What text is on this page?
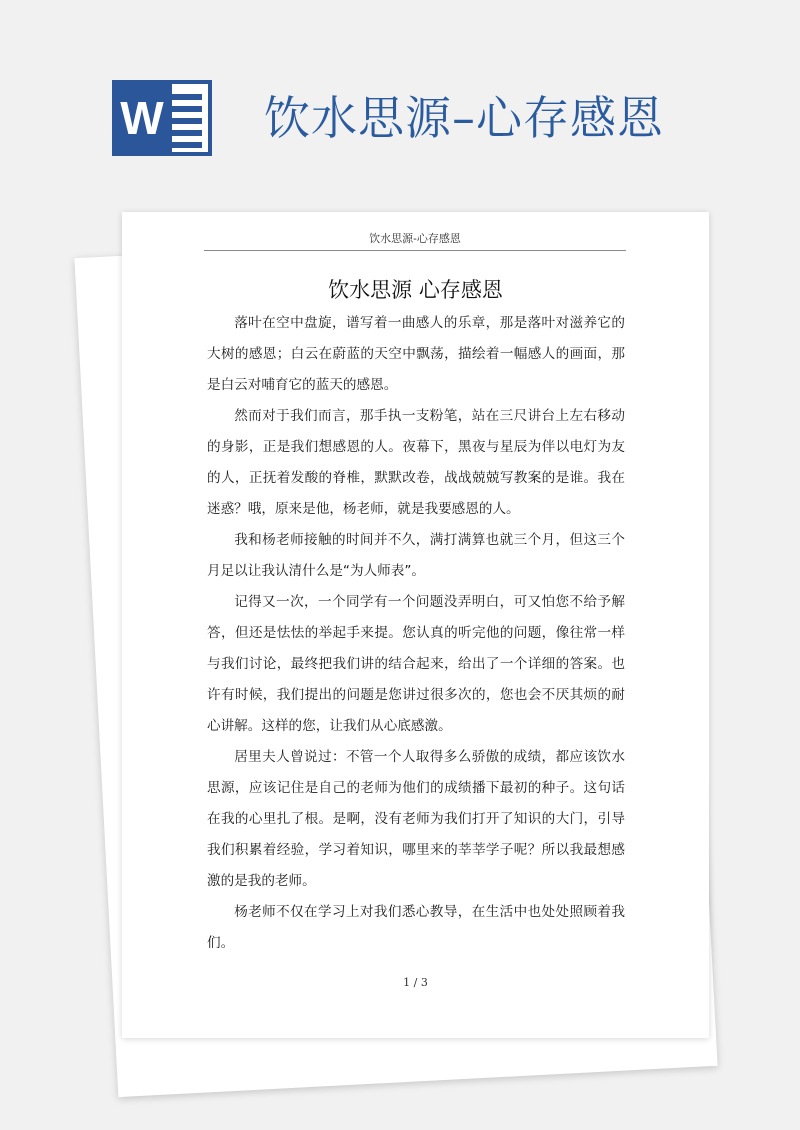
W 饮水思源–心存感恩
饮水思源-心存感恩
饮水思源 心存感恩

落叶在空中盘旋，谱写着一曲感人的乐章，那是落叶对滋养它的大树的感恩；白云在蔚蓝的天空中飘荡，描绘着一幅感人的画面，那是白云对哺育它的蓝天的感恩。

然而对于我们而言，那手执一支粉笔，站在三尺讲台上左右移动的身影，正是我们想感恩的人。夜幕下，黑夜与星辰为伴以电灯为友的人，正抚着发酸的脊椎，默默改卷，战战兢兢写教案的是谁。我在迷惑？哦，原来是他，杨老师，就是我要感恩的人。

我和杨老师接触的时间并不久，满打满算也就三个月，但这三个月足以让我认清什么是“为人师表”。

记得又一次，一个同学有一个问题没弄明白，可又怕您不给予解答，但还是怯怯的举起手来提。您认真的听完他的问题，像往常一样与我们讨论，最终把我们讲的结合起来，给出了一个详细的答案。也许有时候，我们提出的问题是您讲过很多次的，您也会不厌其烦的耐心讲解。这样的您，让我们从心底感激。

居里夫人曾说过：不管一个人取得多么骄傲的成绩，都应该饮水思源，应该记住是自己的老师为他们的成绩播下最初的种子。这句话在我的心里扎了根。是啊，没有老师为我们打开了知识的大门，引导我们积累着经验，学习着知识，哪里来的莘莘学子呢？所以我最想感激的是我的老师。

杨老师不仅在学习上对我们悉心教导，在生活中也处处照顾着我们。

1 / 3
